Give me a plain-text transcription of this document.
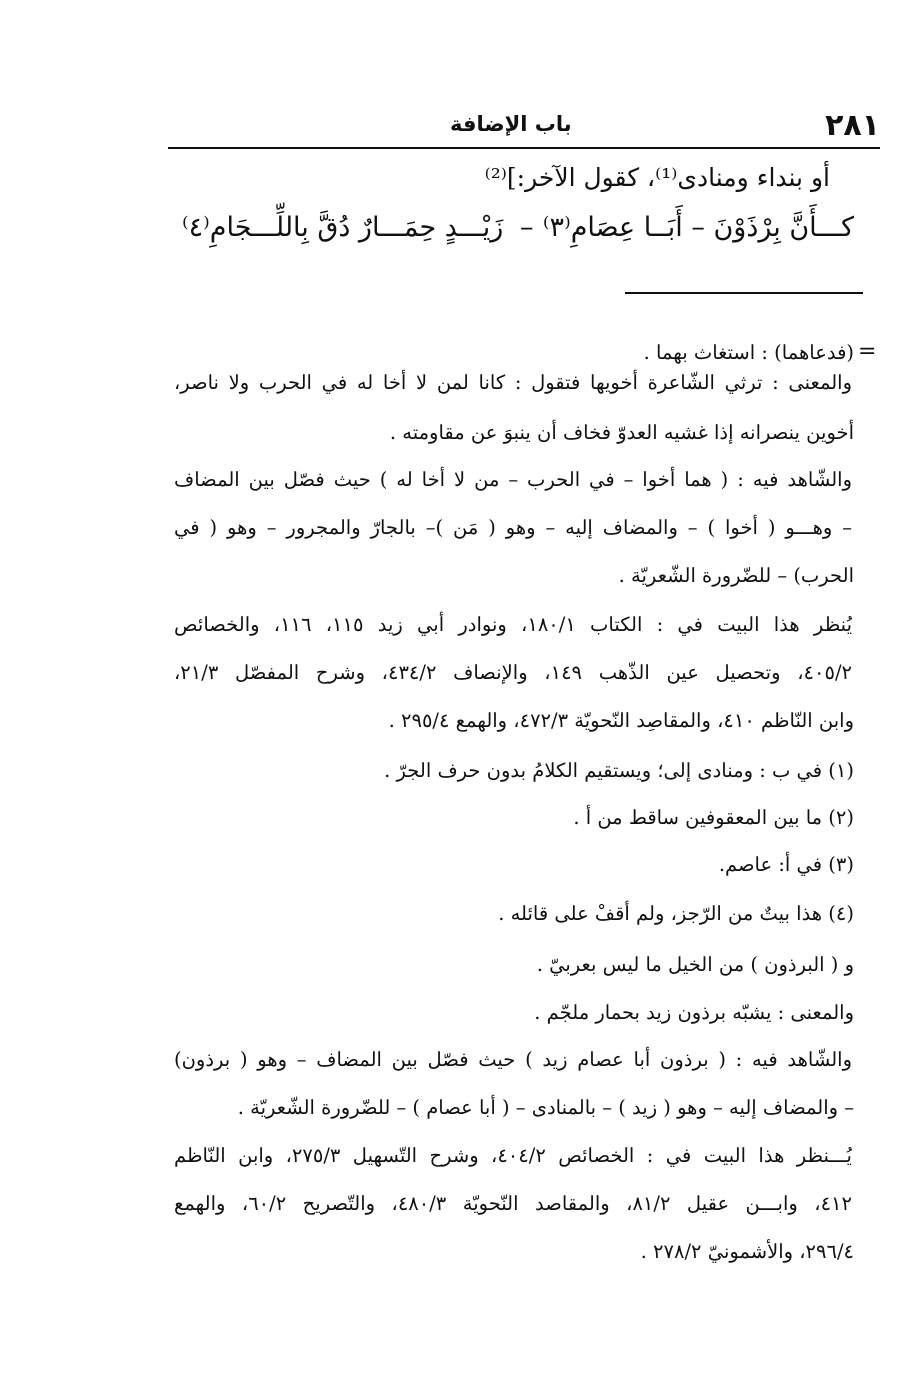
٢٨١
باب الإضافة
أو بنداء ومنادى⁽¹⁾، كقول الآخر:]⁽²⁾
كـــأَنَّ بِرْذَوْنَ – أَبَــا عِصَامِ⁽٣⁾
–
زَيْـــدٍ حِمَـــارٌ دُقَّ بِاللِّـــجَامِ⁽٤⁾
=
(فدعاهما) : استغاث بهما .
والمعنى : ترثي الشّاعرة أخويها فتقول : كانا لمن لا أخا له في الحرب ولا ناصر،
أخوين ينصرانه إذا غشيه العدوّ فخاف أن ينبوَ عن مقاومته .
والشّاهد فيه : ( هما أخوا – في الحرب – من لا أخا له ) حيث فصّل بين المضاف
– وهـــو ( أخوا ) – والمضاف إليه – وهو ( مَن )– بالجارّ والمجرور – وهو ( في
الحرب) – للضّرورة الشّعريّة .
يُنظر هذا البيت في : الكتاب ١٨٠/١، ونوادر أبي زيد ١١٥، ١١٦، والخصائص
٤٠٥/٢، وتحصيل عين الذّهب ١٤٩، والإنصاف ٤٣٤/٢، وشرح المفصّل ٢١/٣،
وابن النّاظم ٤١٠، والمقاصِد النّحويّة ٤٧٢/٣، والهمع ٢٩٥/٤ .
(١) في ب : ومنادى إلى؛ ويستقيم الكلامُ بدون حرف الجرّ .
(٢) ما بين المعقوفين ساقط من أ .
(٣) في أ: عاصم.
(٤) هذا بيتٌ من الرّجز، ولم أقفْ على قائله .
و ( البرذون ) من الخيل ما ليس بعربيّ .
والمعنى : يشبّه برذون زيد بحمار ملجّم .
والشّاهد فيه : ( برذون أبا عصام زيد ) حيث فصّل بين المضاف – وهو ( برذون)
– والمضاف إليه – وهو ( زيد ) – بالمنادى – ( أبا عصام ) – للضّرورة الشّعريّة .
يُـــنظر هذا البيت في : الخصائص ٤٠٤/٢، وشرح التّسهيل ٢٧٥/٣، وابن النّاظم
٤١٢، وابـــن عقيل ٨١/٢، والمقاصد النّحويّة ٤٨٠/٣، والتّصريح ٦٠/٢، والهمع
٢٩٦/٤، والأشمونيّ ٢٧٨/٢ .
